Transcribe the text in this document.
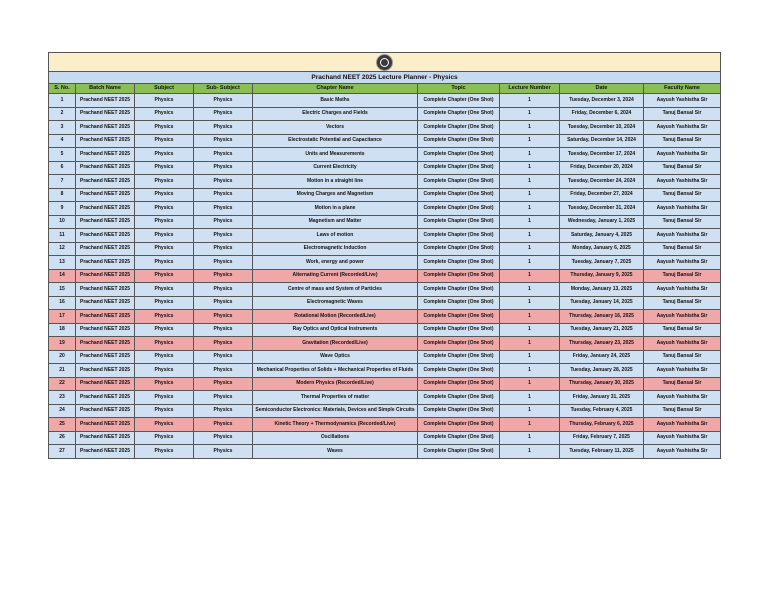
Prachand NEET 2025 Lecture Planner - Physics								
S. No.	Batch Name	Subject	Sub- Subject	Chapter Name	Topic	Lecture Number	Date	Faculty Name
1	Prachand NEET 2025	Physics	Physics	Basic Maths	Complete Chapter (One Shot)	1	Tuesday, December 3, 2024	Aayush Yashistha Sir
2	Prachand NEET 2025	Physics	Physics	Electric Charges and Fields	Complete Chapter (One Shot)	1	Friday, December 6, 2024	Tanuj Bansal Sir
3	Prachand NEET 2025	Physics	Physics	Vectors	Complete Chapter (One Shot)	1	Tuesday, December 10, 2024	Aayush Yashistha Sir
4	Prachand NEET 2025	Physics	Physics	Electrostatic Potential and Capacitance	Complete Chapter (One Shot)	1	Saturday, December 14, 2024	Tanuj Bansal Sir
5	Prachand NEET 2025	Physics	Physics	Units and Measurements	Complete Chapter (One Shot)	1	Tuesday, December 17, 2024	Aayush Yashistha Sir
6	Prachand NEET 2025	Physics	Physics	Current Electricity	Complete Chapter (One Shot)	1	Friday, December 20, 2024	Tanuj Bansal Sir
7	Prachand NEET 2025	Physics	Physics	Motion in a straight line	Complete Chapter (One Shot)	1	Tuesday, December 24, 2024	Aayush Yashistha Sir
8	Prachand NEET 2025	Physics	Physics	Moving Charges and Magnetism	Complete Chapter (One Shot)	1	Friday, December 27, 2024	Tanuj Bansal Sir
9	Prachand NEET 2025	Physics	Physics	Motion in a plane	Complete Chapter (One Shot)	1	Tuesday, December 31, 2024	Aayush Yashistha Sir
10	Prachand NEET 2025	Physics	Physics	Magnetism and Matter	Complete Chapter (One Shot)	1	Wednesday, January 1, 2025	Tanuj Bansal Sir
11	Prachand NEET 2025	Physics	Physics	Laws of motion	Complete Chapter (One Shot)	1	Saturday, January 4, 2025	Aayush Yashistha Sir
12	Prachand NEET 2025	Physics	Physics	Electromagnetic Induction	Complete Chapter (One Shot)	1	Monday, January 6, 2025	Tanuj Bansal Sir
13	Prachand NEET 2025	Physics	Physics	Work, energy and power	Complete Chapter (One Shot)	1	Tuesday, January 7, 2025	Aayush Yashistha Sir
14	Prachand NEET 2025	Physics	Physics	Alternating Current (Recorded/Live)	Complete Chapter (One Shot)	1	Thursday, January 9, 2025	Tanuj Bansal Sir
15	Prachand NEET 2025	Physics	Physics	Centre of mass and System of Particles	Complete Chapter (One Shot)	1	Monday, January 13, 2025	Aayush Yashistha Sir
16	Prachand NEET 2025	Physics	Physics	Electromagnetic Waves	Complete Chapter (One Shot)	1	Tuesday, January 14, 2025	Tanuj Bansal Sir
17	Prachand NEET 2025	Physics	Physics	Rotational Motion (Recorded/Live)	Complete Chapter (One Shot)	1	Thursday, January 16, 2025	Aayush Yashistha Sir
18	Prachand NEET 2025	Physics	Physics	Ray Optics and Optical Instruments	Complete Chapter (One Shot)	1	Tuesday, January 21, 2025	Tanuj Bansal Sir
19	Prachand NEET 2025	Physics	Physics	Gravitation (Recorded/Live)	Complete Chapter (One Shot)	1	Thursday, January 23, 2025	Aayush Yashistha Sir
20	Prachand NEET 2025	Physics	Physics	Wave Optics	Complete Chapter (One Shot)	1	Friday, January 24, 2025	Tanuj Bansal Sir
21	Prachand NEET 2025	Physics	Physics	Mechanical Properties of Solids + Mechanical Properties of Fluids	Complete Chapter (One Shot)	1	Tuesday, January 28, 2025	Aayush Yashistha Sir
22	Prachand NEET 2025	Physics	Physics	Modern Physics (Recorded/Live)	Complete Chapter (One Shot)	1	Thursday, January 30, 2025	Tanuj Bansal Sir
23	Prachand NEET 2025	Physics	Physics	Thermal Properties of matter	Complete Chapter (One Shot)	1	Friday, January 31, 2025	Aayush Yashistha Sir
24	Prachand NEET 2025	Physics	Physics	Semiconductor Electronics: Materials, Devices and Simple Circuits	Complete Chapter (One Shot)	1	Tuesday, February 4, 2025	Tanuj Bansal Sir
25	Prachand NEET 2025	Physics	Physics	Kinetic Theory + Thermodynamics (Recorded/Live)	Complete Chapter (One Shot)	1	Thursday, February 6, 2025	Aayush Yashistha Sir
26	Prachand NEET 2025	Physics	Physics	Oscillations	Complete Chapter (One Shot)	1	Friday, February 7, 2025	Aayush Yashistha Sir
27	Prachand NEET 2025	Physics	Physics	Waves	Complete Chapter (One Shot)	1	Tuesday, February 11, 2025	Aayush Yashistha Sir
